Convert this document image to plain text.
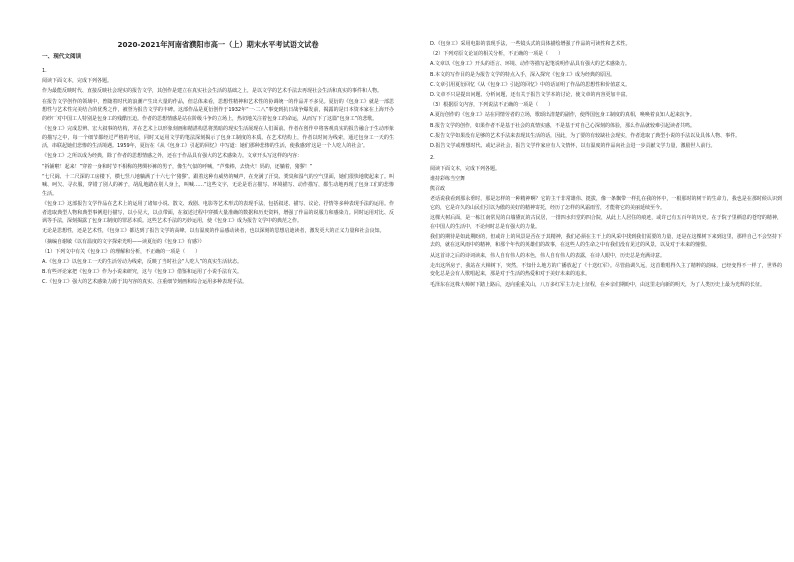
2020-2021年河南省濮阳市高一（上）期末水平考试语文试卷
一、现代文阅读
1.
阅读下面文本，完成下列各题。
作为最能反映时代、直接反映社会现实的报告文学，其创作是建立在真实社会生活的基础之上，是以文学的艺术手法去再现社会生活和真实的事件和人物。
在报告文学创作的领域中，曾随着时代的浪潮产生出大量的作品，但总体来看，思想性精神和艺术性的协调统一的作品并不多见。夏衍的《包身工》就是一部思想性与艺术性完美结合的优秀之作，被誉为报告文学的丰碑。这部作品是夏衍创作于1932年“一·二八”事变到抗日战争爆发前，揭露的是日本资本家在上海开办的纱厂对中国工人特别是包身工的残酷压迫。作者的思想情感是站在阶级斗争的立场上，热切地关注着包身工的命运，从而写下了这篇“包身工”的悲歌。
《包身工》完成思辨、宏大叙事的结构，并在艺术上以形象刻画和精湛构思将黑暗的现实生活展现在人们面前。作者在创作中将客观真实的报告融合于生动形象的描写之中，每一个细节都经过严格的考证，同时又运用文学的笔法深刻揭示了包身工制度的本质。在艺术结构上，作者以时间为线索，通过包身工一天的生活，串联起她们悲惨的生活境遇。1959年，夏衍在《从《包身工》引起的回忆》中写道：她们那种悲惨的生活，使我感到‘这是一个人吃人的社会’。
《包身工》之所以成为经典，除了作者的思想情感之外，还在于作品具有强大的艺术感染力。文章开头写这样的内容：
“拆铺啦！起来！”穿着一身和时节不相称的拷绸衫裤的男子，像生气似的呼喊，“芦柴棒，去烧火！妈的，还躺着，猪猡！”
“七尺阔、十二尺深的工房楼下，横七竖八地躺满了十六七个‘猪猡’。跟着这种有威势的喊声，在充满了汗臭、粪臭和湿气的空气里面，她们很快地爬起来了。叫喊、呵欠、寻衣服，穿错了别人的裤子，胡乱地踏在别人身上，叫喊……”这些文字，无论是语言描写、环境描写、动作描写，都生动地再现了包身工们的悲惨生活。
《包身工》这部报告文学作品在艺术上的运用了诸如小说、散文、戏剧、电影等艺术形式的表现手法，包括叙述、描写、议论、抒情等多种表现手法的运用。作者选取典型人物和典型事例进行描写，以小见大，以点带面，在叙述过程中穿插大量准确的数据和历史资料，增强了作品的说服力和感染力。同时运用对比、反讽等手法，深刻揭露了包身工制度的罪恶本质。这些艺术手法的巧妙运用，使《包身工》成为报告文学中的典范之作。
无论是思想性，还是艺术性，《包身工》都达到了报告文学的高峰。以有温度的作品感动读者，也以深刻的思想启迪读者，激发更大的正义力量和社会良知。
（摘编自谢敏《以有温度的文字探索光明——读夏衍的《包身工》有感》）
（1）下列文中有关《包身工》的理解和分析，不正确的一项是（　　）
A.《包身工》以包身工一天的生活劳动为线索，反映了当时社会“人吃人”的真实生活状态。
B.有些评论家把《包身工》作为小说来研究，这与《包身工》借鉴和运用了小说手法有关。
C.《包身工》强大的艺术感染力源于其内容的真实、注重细节刻画和综合运用多种表现手法。
D.《包身工》采用电影的表现手法，一些镜头式的具体描绘增强了作品的可读性和艺术性。
（2）下列对原文论证的相关分析，不正确的一项是（　　）
A.文章以《包身工》开头的语言、环境、动作等描写起笔说明作品具有强大的艺术感染力。
B.本文的写作目的是为报告文学的特点入手，深入探究《包身工》成为经典的原因。
C.文章引用夏衍回忆《从《包身工》引起的回忆》中的话证明了作品的思想性和价值意义。
D.文章不只是提出问题、分析问题，还有关于报告文学本的讨论，使文章的内容更加丰富。
（3）根据原文内容，下列说法不正确的一项是（　　）
A.夏衍创作的《包身工》站在同情劳者的立场，歌颂出清楚的副作，使得国包身工制度的真相，唤唤着良知人起来抗争。
B.报告文学的创作，如果作者不是基于社会的真情实感，不是基于对自己心深刻的体验，那么作品就较难引起读者共鸣。
C.报告文学如果没有足够的艺术手法来表现其生活的话，因此，为了要的有较缺社会现实，作者选取了典型小说的手法以及具体人物、事件。
D.报告文学或理想时代、或记录社会，报告文学作家应有人文情怀，以有温度的作品向社会进一步贡献文学力量，激励世人前行。
2.
阅读下面文本，完成下列各题。
谁持彩练当空舞
熊召政
老话说我看到那永垂时，那是怎样的一种精神啊？它的主干非常雄伟、挺拔，像一条飘带一样扎在我的怀中，一根那时的树干的生命力，我也是在那时候认识到它的，它是许久的山民们引以为傲的美好的精神寄托，经历了怎样的风霜雨雪，才能将它的美丽延续至今。
这棵大树后面，是一栋江南常见的白墙黛瓦的古民居，一排四水归堂的四合院，从此上人居住的痕迹，或许已有五百年的历史。在于院子里栖息的苍穹的精神，在中国人的生活中，不论何时总是有强大的力量。
我们的期待是如此期盼的，但或许上的风景是否在于其精神，我们必须在主干上的风采中找到我们需要的力量，还是在这棵树下来到这里，那样自己不会坚持下去的，就在这风雨中的精神，和那个年代的英雄们的故事，在这些人的生命之中有我们没有见过的风景，以及对于未来的憧憬。
从这首诗之后的诗词读来，伟人自有伟人的本色，伟人自有伟人的表露，在诗人眼中，历史总是充满诗意。
走出这所房子，我站在大樟树下，突然，不知什么地方的广播放起了《十送红军》。尽管曲调久远，这首歌唱得久主了精粹的韵味，已经变得不一样了，世界的变化总是会有人歌唱起来，那是对于生活的热爱和对于美好未来的追求。
毛泽东在这株大樟树下踏上路后，迈向重重关山，八万多红军主力走上征程，在乡亲们期盼中，由这里走向新的明天，为了人类历史上最为光辉的长征。
